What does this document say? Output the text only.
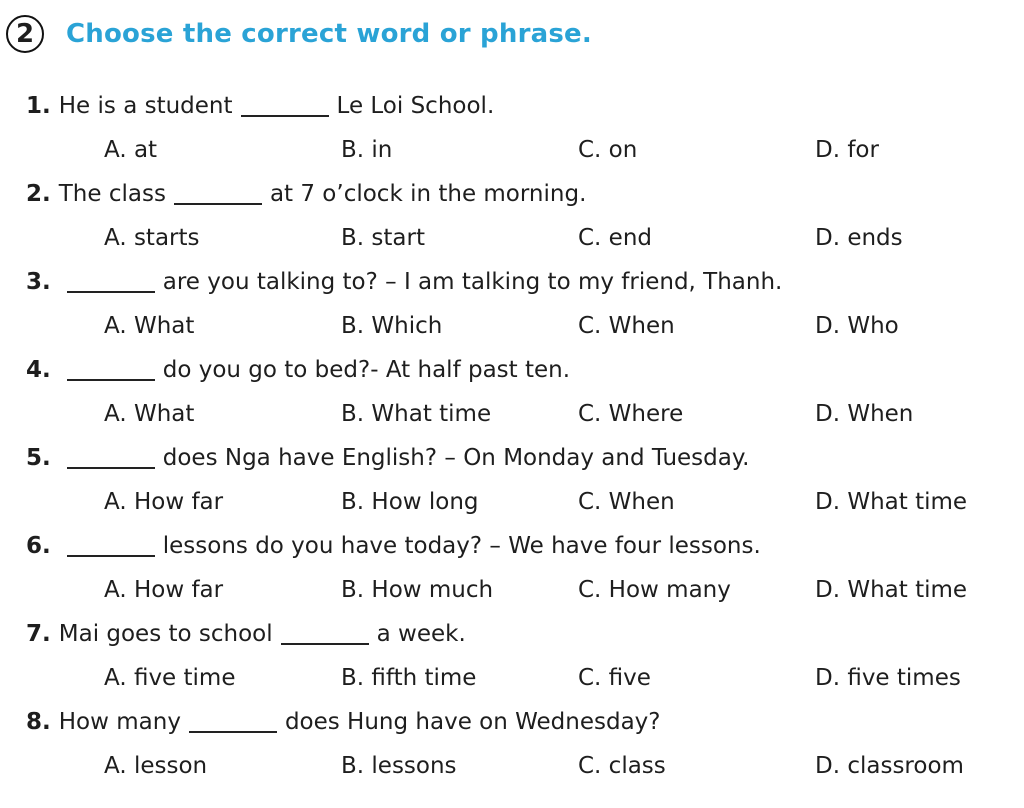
2	Choose the correct word or phrase.
1. He is a student	Le Loi School.
A. at	B. in	C. on	D. for
2. The class	at 7 o’clock in the morning.
A. starts	B. start	C. end	D. ends
3.	are you talking to? – I am talking to my friend, Thanh.
A. What	B. Which	C. When	D. Who
4.	do you go to bed?- At half past ten.
A. What	B. What time	C. Where	D. When
5.	does Nga have English? – On Monday and Tuesday.
A. How far	B. How long	C. When	D. What time
6.	lessons do you have today? – We have four lessons.
A. How far	B. How much	C. How many	D. What time
7. Mai goes to school	a week.
A. five time	B. fifth time	C. five	D. five times
8. How many	does Hung have on Wednesday?
A. lesson	B. lessons	C. class	D. classroom
